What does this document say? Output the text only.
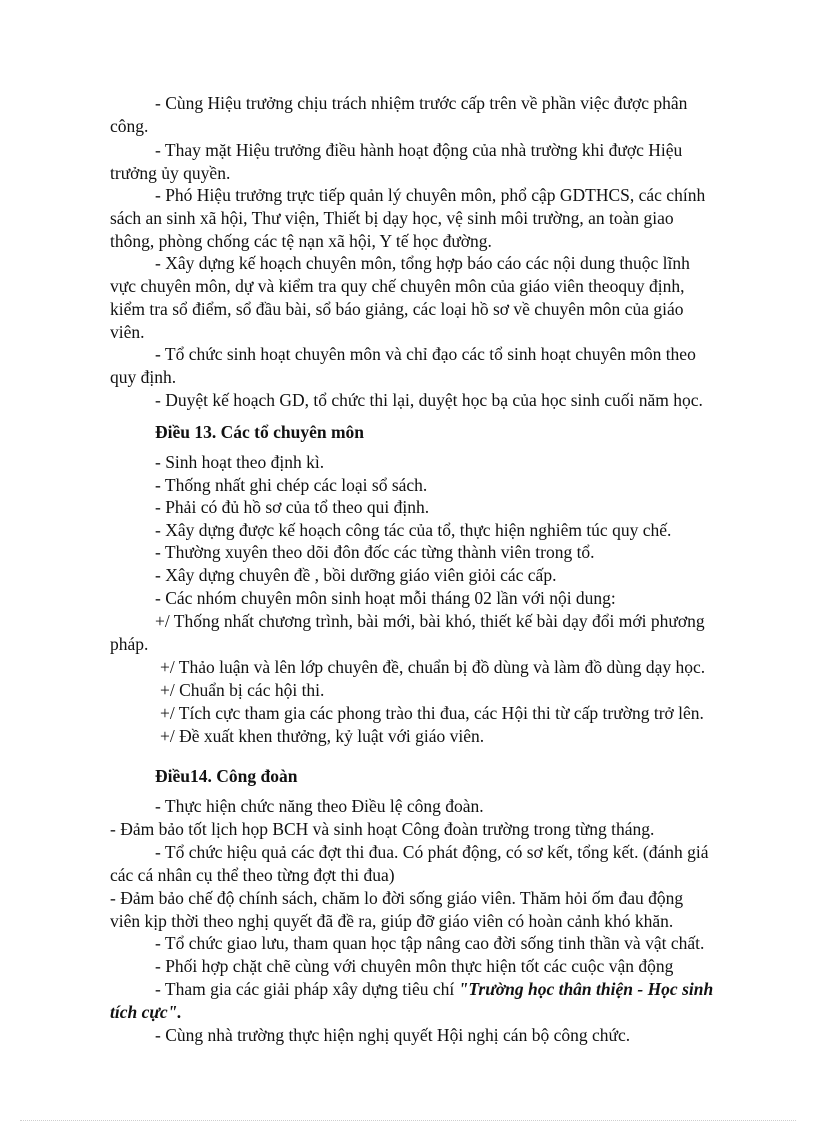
- Cùng Hiệu trưởng chịu trách nhiệm trước cấp trên về phần việc được phân

công.

- Thay mặt Hiệu trưởng điều hành hoạt động của nhà trường khi được Hiệu

trưởng ủy quyền.

- Phó Hiệu trưởng trực tiếp quản lý chuyên môn, phổ cập GDTHCS, các chính

sách an sinh xã hội, Thư viện, Thiết bị dạy học, vệ sinh môi trường, an toàn giao

thông, phòng chống các tệ nạn xã hội, Y tế học đường.

- Xây dựng kế hoạch chuyên môn, tổng hợp báo cáo các nội dung thuộc lĩnh

vực chuyên môn, dự và kiểm tra quy chế chuyên môn của giáo viên theoquy định,

kiểm tra sổ điểm, sổ đầu bài, sổ báo giảng, các loại hồ sơ về chuyên môn của giáo

viên.

- Tổ chức sinh hoạt chuyên môn và chỉ đạo các tổ sinh hoạt chuyên môn theo

quy định.

- Duyệt kế hoạch GD, tổ chức thi lại, duyệt học bạ của học sinh cuối năm học.

Điều 13. Các tổ chuyên môn

- Sinh hoạt theo định kì.

- Thống nhất ghi chép các loại sổ sách.

- Phải có đủ hồ sơ của tổ theo qui định.

- Xây dựng được kế hoạch công tác của tổ, thực hiện nghiêm túc quy chế.

- Thường xuyên theo dõi đôn đốc các từng thành viên trong tổ.

- Xây dựng chuyên đề , bồi dưỡng giáo viên giỏi các cấp.

- Các nhóm chuyên môn sinh hoạt mỗi tháng 02 lần với nội dung:

+/ Thống nhất chương trình, bài mới, bài khó, thiết kế bài dạy đổi mới phương

pháp.

+/ Thảo luận và lên lớp chuyên đề, chuẩn bị đồ dùng và làm đồ dùng dạy học.

+/ Chuẩn bị các hội thi.

+/ Tích cực tham gia các phong trào thi đua, các Hội thi từ cấp trường trở lên.

+/ Đề xuất khen thưởng, kỷ luật với giáo viên.

Điều14. Công đoàn

- Thực hiện chức năng theo Điều lệ công đoàn.

- Đảm bảo tốt lịch họp BCH và sinh hoạt Công đoàn trường trong từng tháng.

- Tổ chức hiệu quả các đợt thi đua. Có phát động, có sơ kết, tổng kết. (đánh giá

các cá nhân cụ thể theo từng đợt thi đua)

- Đảm bảo chế độ chính sách, chăm lo đời sống giáo viên. Thăm hỏi ốm đau động

viên kịp thời theo nghị quyết đã đề ra, giúp đỡ giáo viên có hoàn cảnh khó khăn.

- Tổ chức giao lưu, tham quan học tập nâng cao đời sống tinh thần và vật chất.

- Phối hợp chặt chẽ cùng với chuyên môn thực hiện tốt các cuộc vận động

- Tham gia các giải pháp xây dựng tiêu chí "Trường học thân thiện - Học sinh

tích cực".

- Cùng nhà trường thực hiện nghị quyết Hội nghị cán bộ công chức.
